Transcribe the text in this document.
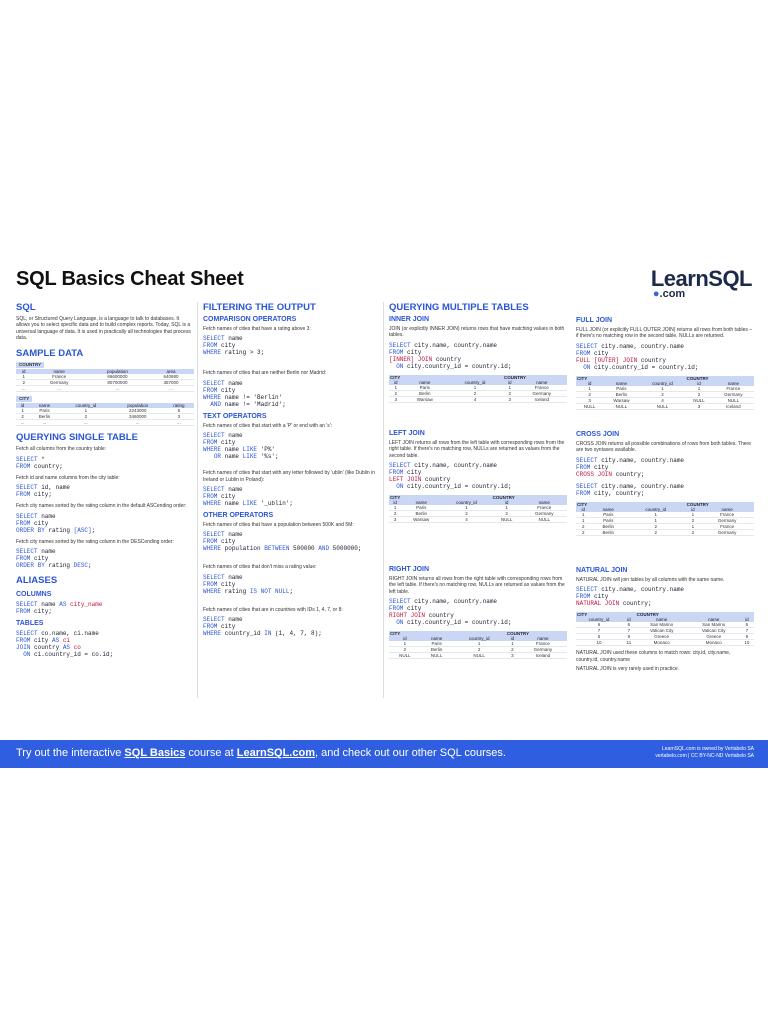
SQL Basics Cheat Sheet	LearnSQL
●.com
SQL

SQL, or Structured Query Language, is a language to talk to databases. It allows you to select specific data and to build complex reports. Today, SQL is a universal language of data. It is used in practically all technologies that process data.

SAMPLE DATA
COUNTRY
id	name	population	area
1	France	66600000	640680
2	Germany	80700000	357000
...	...	...	...
CITY
id	name	country_id	population	rating
1	Paris	1	2243000	5
2	Berlin	2	3460000	3
...	...	...	...	...
QUERYING SINGLE TABLE

Fetch all columns from the country table:

SELECT *
FROM country;

Fetch id and name columns from the city table:

SELECT id, name
FROM city;

Fetch city names sorted by the rating column in the default ASCending order:

SELECT name
FROM city
ORDER BY rating [ASC];

Fetch city names sorted by the rating column in the DESCending order:

SELECT name
FROM city
ORDER BY rating DESC;
ALIASES
COLUMNS
SELECT name AS city_name
FROM city;
TABLES
SELECT co.name, ci.name
FROM city AS ci
JOIN country AS co
ON ci.country_id = co.id;
FILTERING THE OUTPUT
COMPARISON OPERATORS

Fetch names of cities that have a rating above 3:

SELECT name
FROM city
WHERE rating > 3;

Fetch names of cities that are neither Berlin nor Madrid:

SELECT name
FROM city
WHERE name != 'Berlin'
AND name != 'Madrid';
TEXT OPERATORS

Fetch names of cities that start with a 'P' or end with an 's':

SELECT name
FROM city
WHERE name LIKE 'P%'
OR name LIKE '%s';

Fetch names of cities that start with any letter followed by 'ublin' (like Dublin in Ireland or Lublin in Poland):

SELECT name
FROM city
WHERE name LIKE '_ublin';
OTHER OPERATORS

Fetch names of cities that have a population between 500K and 5M:

SELECT name
FROM city
WHERE population BETWEEN 500000 AND 5000000;

Fetch names of cities that don't miss a rating value:

SELECT name
FROM city
WHERE rating IS NOT NULL;

Fetch names of cities that are in countries with IDs 1, 4, 7, or 8:

SELECT name
FROM city
WHERE country_id IN (1, 4, 7, 8);
QUERYING MULTIPLE TABLES
INNER JOIN

JOIN (or explicitly INNER JOIN) returns rows that have matching values in both tables.

SELECT city.name, country.name
FROM city
[INNER] JOIN country
ON city.country_id = country.id;
CITY			COUNTRY	
id	name	country_id	id	name
1	Paris	1	1	France
2	Berlin	2	2	Germany
3	Warsaw	4	3	Iceland
LEFT JOIN

LEFT JOIN returns all rows from the left table with corresponding rows from the right table. If there's no matching row, NULLs are returned as values from the second table.

SELECT city.name, country.name
FROM city
LEFT JOIN country
ON city.country_id = country.id;
CITY			COUNTRY	
id	name	country_id	id	name
1	Paris	1	1	France
2	Berlin	2	2	Germany
3	Warsaw	4	NULL	NULL
RIGHT JOIN

RIGHT JOIN returns all rows from the right table with corresponding rows from the left table. If there's no matching row, NULLs are returned as values from the left table.

SELECT city.name, country.name
FROM city
RIGHT JOIN country
ON city.country_id = country.id;
CITY			COUNTRY	
id	name	country_id	id	name
1	Paris	1	1	France
2	Berlin	2	2	Germany
NULL	NULL	NULL	3	Iceland
FULL JOIN

FULL JOIN (or explicitly FULL OUTER JOIN) returns all rows from both tables – if there's no matching row in the second table, NULLs are returned.

SELECT city.name, country.name
FROM city
FULL [OUTER] JOIN country
ON city.country_id = country.id;
CITY			COUNTRY	
id	name	country_id	id	name
1	Paris	1	1	France
2	Berlin	2	2	Germany
3	Warsaw	4	NULL	NULL
NULL	NULL	NULL	3	Iceland
CROSS JOIN

CROSS JOIN returns all possible combinations of rows from both tables. There are two syntaxes available.

SELECT city.name, country.name
FROM city
CROSS JOIN country;
SELECT city.name, country.name
FROM city, country;
CITY			COUNTRY	
id	name	country_id	id	name
1	Paris	1	1	France
1	Paris	1	2	Germany
2	Berlin	2	1	France
2	Berlin	2	2	Germany
NATURAL JOIN

NATURAL JOIN will join tables by all columns with the same name.

SELECT city.name, country.name
FROM city
NATURAL JOIN country;
CITY		COUNTRY		
country_id	id	name	name	id
6	6	San Marino	San Marino	6
7	7	Vatican City	Vatican City	7
5	9	Greece	Greece	9
10	11	Monaco	Monaco	10

NATURAL JOIN used these columns to match rows: city.id, city.name, country.id, country.name

NATURAL JOIN is very rarely used in practice.

Try out the interactive SQL Basics course at LearnSQL.com, and check out our other SQL courses.	LearnSQL.com is owned by Vertabelo SA
vertabelo.com | CC BY-NC-ND Vertabelo SA
